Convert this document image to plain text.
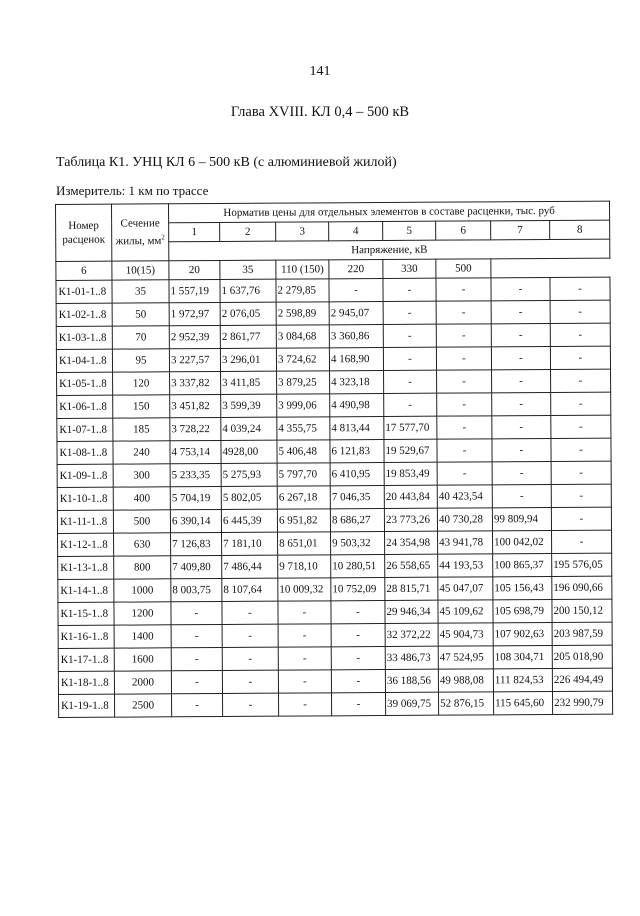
141
Глава XVIII. КЛ 0,4 – 500 кВ
Таблица К1. УНЦ КЛ 6 – 500 кВ (с алюминиевой жилой)
Измеритель: 1 км по трассе
Номер расценок	Сечение жилы, $мм^2$	Норматив цены для отдельных элементов в составе расценки, тыс. руб							
		1	2	3	4	5	6	7	8
		Напряжение, кВ							
6	10(15)	20	35	110 (150)	220	330	500		
К1-01-1..8	35	1 557,19	1 637,76	2 279,85	-	-	-	-	-
К1-02-1..8	50	1 972,97	2 076,05	2 598,89	2 945,07	-	-	-	-
К1-03-1..8	70	2 952,39	2 861,77	3 084,68	3 360,86	-	-	-	-
К1-04-1..8	95	3 227,57	3 296,01	3 724,62	4 168,90	-	-	-	-
К1-05-1..8	120	3 337,82	3 411,85	3 879,25	4 323,18	-	-	-	-
К1-06-1..8	150	3 451,82	3 599,39	3 999,06	4 490,98	-	-	-	-
К1-07-1..8	185	3 728,22	4 039,24	4 355,75	4 813,44	17 577,70	-	-	-
К1-08-1..8	240	4 753,14	4928,00	5 406,48	6 121,83	19 529,67	-	-	-
К1-09-1..8	300	5 233,35	5 275,93	5 797,70	6 410,95	19 853,49	-	-	-
К1-10-1..8	400	5 704,19	5 802,05	6 267,18	7 046,35	20 443,84	40 423,54	-	-
К1-11-1..8	500	6 390,14	6 445,39	6 951,82	8 686,27	23 773,26	40 730,28	99 809,94	-
К1-12-1..8	630	7 126,83	7 181,10	8 651,01	9 503,32	24 354,98	43 941,78	100 042,02	-
К1-13-1..8	800	7 409,80	7 486,44	9 718,10	10 280,51	26 558,65	44 193,53	100 865,37	195 576,05
К1-14-1..8	1000	8 003,75	8 107,64	10 009,32	10 752,09	28 815,71	45 047,07	105 156,43	196 090,66
К1-15-1..8	1200	-	-	-	-	29 946,34	45 109,62	105 698,79	200 150,12
К1-16-1..8	1400	-	-	-	-	32 372,22	45 904,73	107 902,63	203 987,59
К1-17-1..8	1600	-	-	-	-	33 486,73	47 524,95	108 304,71	205 018,90
К1-18-1..8	2000	-	-	-	-	36 188,56	49 988,08	111 824,53	226 494,49
К1-19-1..8	2500	-	-	-	-	39 069,75	52 876,15	115 645,60	232 990,79
